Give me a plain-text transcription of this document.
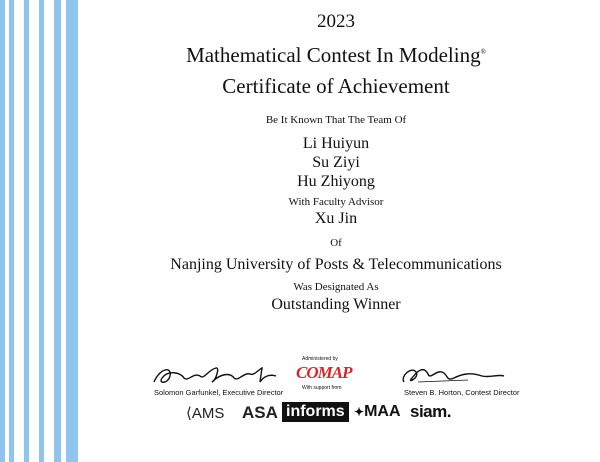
2023
Mathematical Contest In Modeling®
Certificate of Achievement
Be It Known That The Team Of
Li Huiyun
Su Ziyi
Hu Zhiyong
With Faculty Advisor
Xu Jin
Of
Nanjing University of Posts & Telecommunications
Was Designated As
Outstanding Winner
Solomon Garfunkel, Executive Director
Administered by
COMAP
With support from	Steven B. Horton, Contest Director
⟨AMS ASA informs ✦MAA siam.
